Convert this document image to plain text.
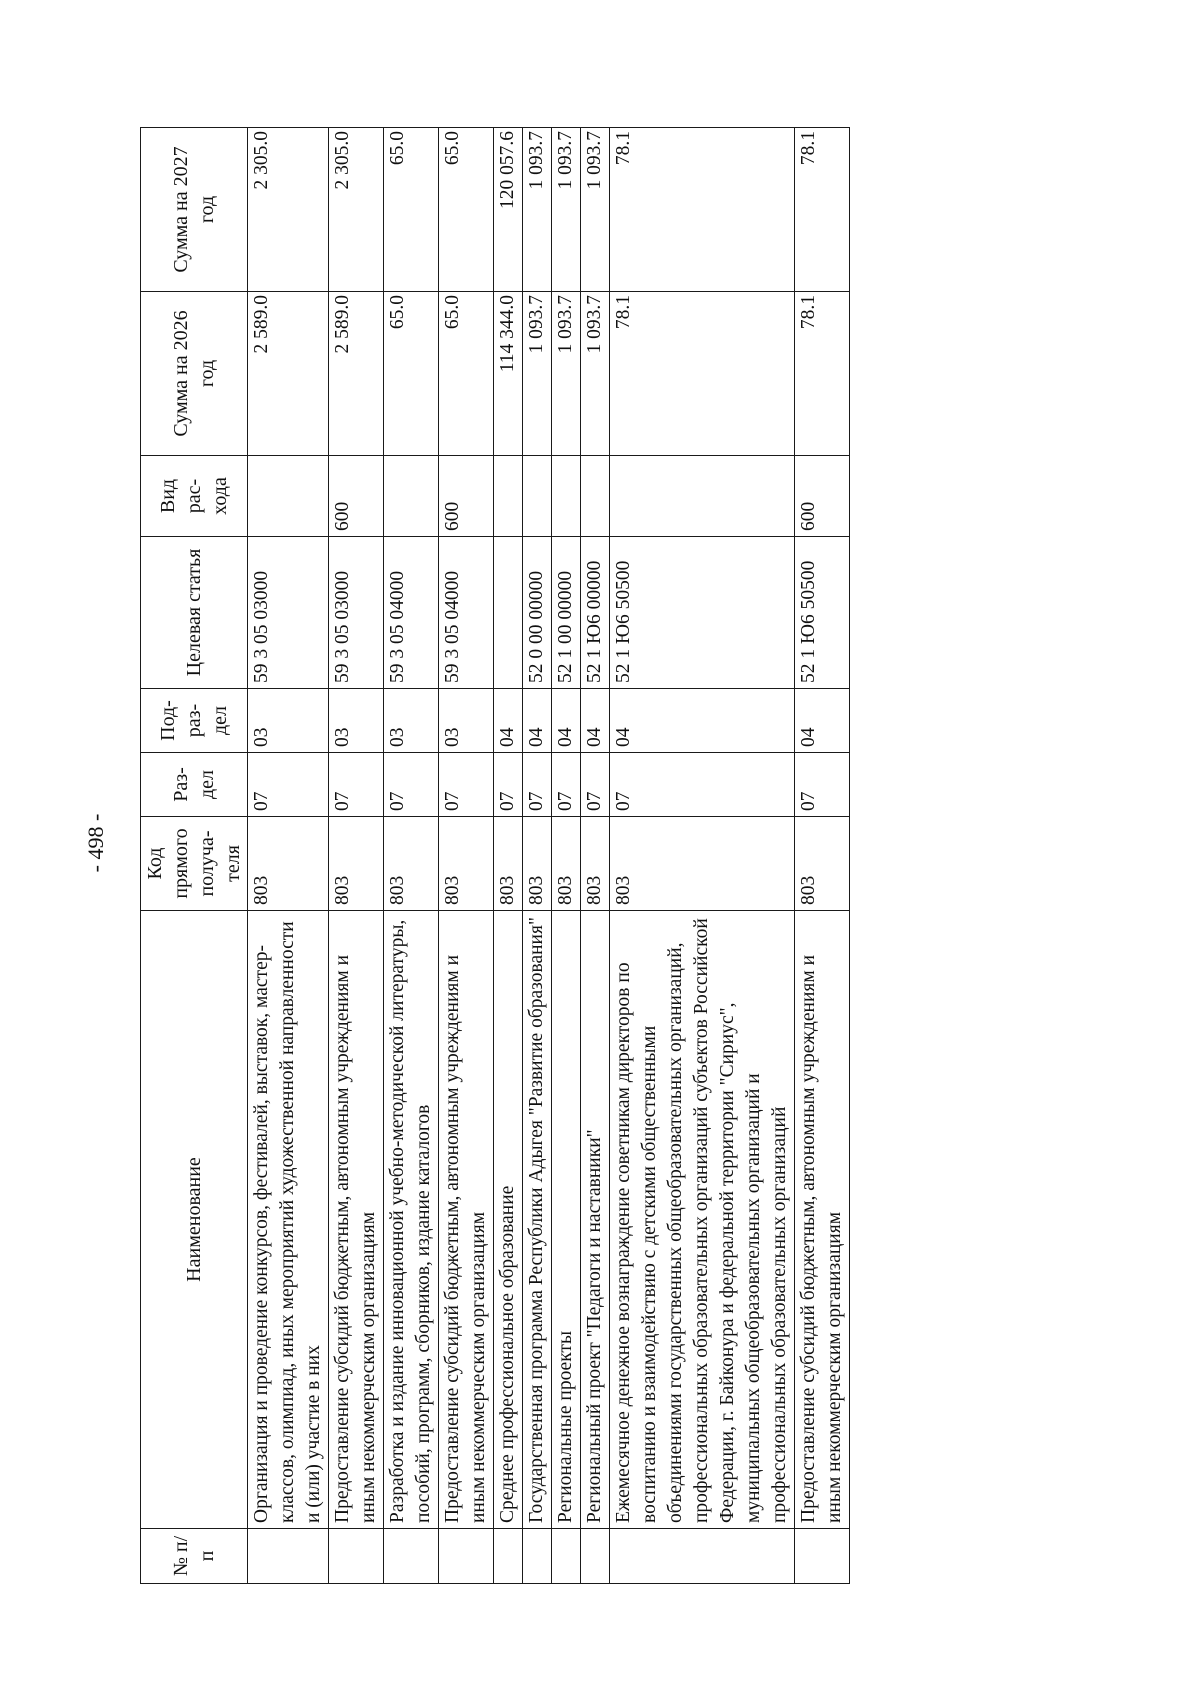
- 498 -
№ п/п	Наименование	Код прямого получа-теля	Раз-дел	Под-раз-дел	Целевая статья	Вид рас-хода	Сумма на 2026 год	Сумма на 2027 год
	Организация и проведение конкурсов, фестивалей, выставок, мастер-классов, олимпиад, иных мероприятий художественной направленности и (или) участие в них	803	07	03	59 3 05 03000		2 589.0	2 305.0
	Предоставление субсидий бюджетным, автономным учреждениям и иным некоммерческим организациям	803	07	03	59 3 05 03000	600	2 589.0	2 305.0
	Разработка и издание инновационной учебно-методической литературы, пособий, программ, сборников, издание каталогов	803	07	03	59 3 05 04000		65.0	65.0
	Предоставление субсидий бюджетным, автономным учреждениям и иным некоммерческим организациям	803	07	03	59 3 05 04000	600	65.0	65.0
	Среднее профессиональное образование	803	07	04			114 344.0	120 057.6
	Государственная программа Республики Адыгея "Развитие образования"	803	07	04	52 0 00 00000		1 093.7	1 093.7
	Региональные проекты	803	07	04	52 1 00 00000		1 093.7	1 093.7
	Региональный проект "Педагоги и наставники"	803	07	04	52 1 Ю6 00000		1 093.7	1 093.7
	Ежемесячное денежное вознаграждение советникам директоров по воспитанию и взаимодействию с детскими общественными объединениями государственных общеобразовательных организаций, профессиональных образовательных организаций субъектов Российской Федерации, г. Байконура и федеральной территории "Сириус", муниципальных общеобразовательных организаций и профессиональных образовательных организаций	803	07	04	52 1 Ю6 50500		78.1	78.1
	Предоставление субсидий бюджетным, автономным учреждениям и иным некоммерческим организациям	803	07	04	52 1 Ю6 50500	600	78.1	78.1
